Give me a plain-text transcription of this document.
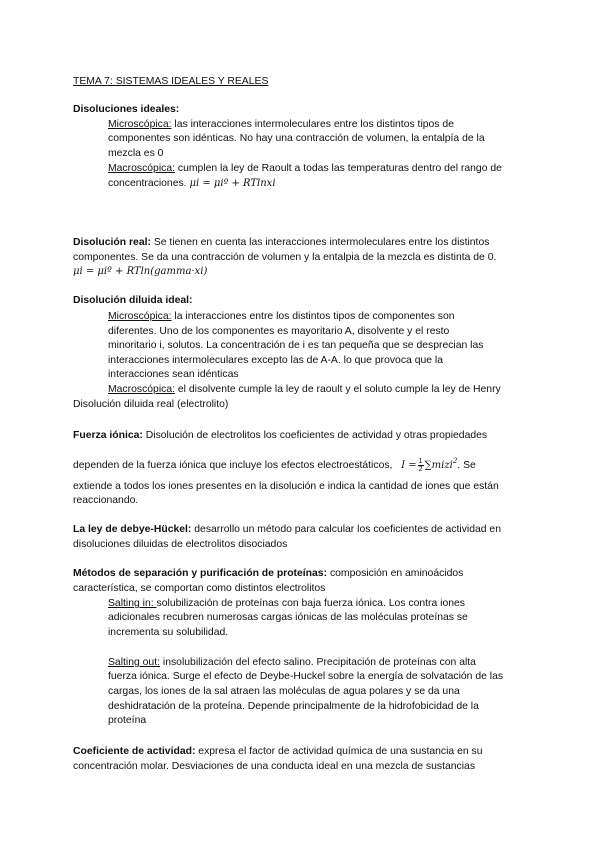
TEMA 7: SISTEMAS IDEALES Y REALES
Disoluciones ideales:
Microscópica: las interacciones intermoleculares entre los distintos tipos de
componentes son idénticas. No hay una contracción de volumen, la entalpía de la
mezcla es 0
Macroscópica: cumplen la ley de Raoult a todas las temperaturas dentro del rango de
concentraciones. μi = μiº + RTlnxi
Disolución real: Se tienen en cuenta las interacciones intermoleculares entre los distintos
componentes. Se da una contracción de volumen y la entalpia de la mezcla es distinta de 0.
μi = μiº + RTln(gamma·xi)
Disolución diluida ideal:
Microscópica: la interacciones entre los distintos tipos de componentes son
diferentes. Uno de los componentes es mayoritario A, disolvente y el resto
minoritario i, solutos. La concentración de i es tan pequeña que se desprecian las
interacciones intermoleculares excepto las de A-A. lo que provoca que la
interacciones sean idénticas
Macroscópica: el disolvente cumple la ley de raoult y el soluto cumple la ley de Henry
Disolución diluida real (electrolito)
Fuerza iónica: Disolución de electrolitos los coeficientes de actividad y otras propiedades
dependen de la fuerza iónica que incluye los efectos electroestáticos, $I = \frac{1}{2}$ ∑mizi$^2$. Se
extiende a todos los iones presentes en la disolución e indica la cantidad de iones que están
reaccionando.
La ley de debye-Hückel: desarrollo un método para calcular los coeficientes de actividad en
disoluciones diluidas de electrolitos disociados
Métodos de separación y purificación de proteínas: composición en aminoácidos
característica, se comportan como distintos electrolitos
Salting in: solubilización de proteínas con baja fuerza iónica. Los contra iones
adicionales recubren numerosas cargas iónicas de las moléculas proteínas se
incrementa su solubilidad.
Salting out: insolubilización del efecto salino. Precipitación de proteínas con alta
fuerza iónica. Surge el efecto de Deybe-Huckel sobre la energía de solvatación de las
cargas, los iones de la sal atraen las moléculas de agua polares y se da una
deshidratación de la proteína. Depende principalmente de la hidrofobicidad de la
proteína
Coeficiente de actividad: expresa el factor de actividad química de una sustancia en su
concentración molar. Desviaciones de una conducta ideal en una mezcla de sustancias
